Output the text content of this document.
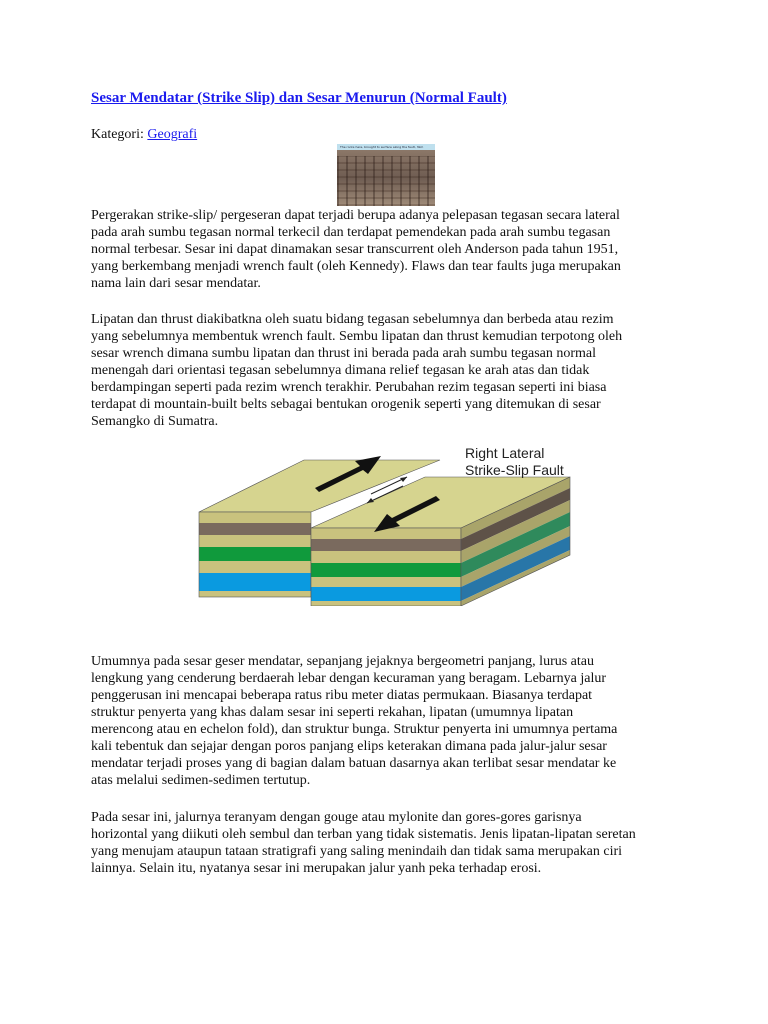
Sesar Mendatar (Strike Slip) dan Sesar Menurun (Normal Fault)
Kategori: Geografi
The rocks here, brought to surface along the fault, 3km

Pergerakan strike-slip/ pergeseran dapat terjadi berupa adanya pelepasan tegasan secara lateral
pada arah sumbu tegasan normal terkecil dan terdapat pemendekan pada arah sumbu tegasan
normal terbesar. Sesar ini dapat dinamakan sesar transcurrent oleh Anderson pada tahun 1951,
yang berkembang menjadi wrench fault (oleh Kennedy). Flaws dan tear faults juga merupakan
nama lain dari sesar mendatar.

Lipatan dan thrust diakibatkna oleh suatu bidang tegasan sebelumnya dan berbeda atau rezim
yang sebelumnya membentuk wrench fault. Sembu lipatan dan thrust kemudian terpotong oleh
sesar wrench dimana sumbu lipatan dan thrust ini berada pada arah sumbu tegasan normal
menengah dari orientasi tegasan sebelumnya dimana relief tegasan ke arah atas dan tidak
berdampingan seperti pada rezim wrench terakhir. Perubahan rezim tegasan seperti ini biasa
terdapat di mountain-built belts sebagai bentukan orogenik seperti yang ditemukan di sesar
Semangko di Sumatra.

Right Lateral
Strike-Slip Fault

Umumnya pada sesar geser mendatar, sepanjang jejaknya bergeometri panjang, lurus atau
lengkung yang cenderung berdaerah lebar dengan kecuraman yang beragam. Lebarnya jalur
penggerusan ini mencapai beberapa ratus ribu meter diatas permukaan. Biasanya terdapat
struktur penyerta yang khas dalam sesar ini seperti rekahan, lipatan (umumnya lipatan
merencong atau en echelon fold), dan struktur bunga. Struktur penyerta ini umumnya pertama
kali tebentuk dan sejajar dengan poros panjang elips keterakan dimana pada jalur-jalur sesar
mendatar terjadi proses yang di bagian dalam batuan dasarnya akan terlibat sesar mendatar ke
atas melalui sedimen-sedimen tertutup.

Pada sesar ini, jalurnya teranyam dengan gouge atau mylonite dan gores-gores garisnya
horizontal yang diikuti oleh sembul dan terban yang tidak sistematis. Jenis lipatan-lipatan seretan
yang menujam ataupun tataan stratigrafi yang saling menindaih dan tidak sama merupakan ciri
lainnya. Selain itu, nyatanya sesar ini merupakan jalur yanh peka terhadap erosi.
